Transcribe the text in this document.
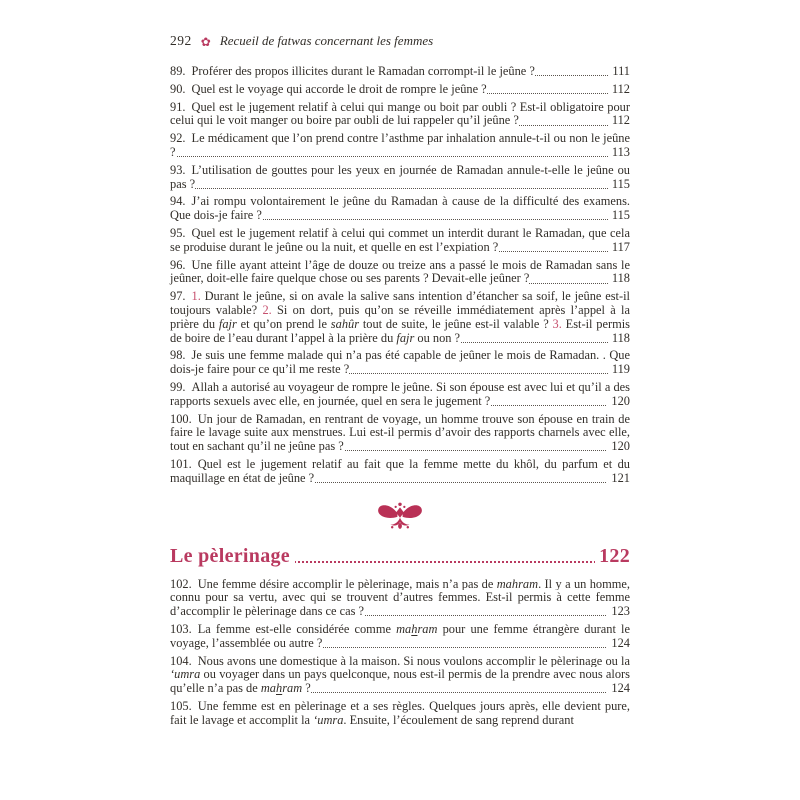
292 ✿ Recueil de fatwas concernant les femmes

89. Proférer des propos illicites durant le Ramadan corrompt-il le jeûne ?	111

90. Quel est le voyage qui accorde le droit de rompre le jeûne ?	112

91. Quel est le jugement relatif à celui qui mange ou boit par oubli ? Est-il obligatoire pour celui qui le voit manger ou boire par oubli de lui rappeler qu’il jeûne ?	112

92. Le médicament que l’on prend contre l’asthme par inhalation annule-t-il ou non le jeûne ?	113

93. L’utilisation de gouttes pour les yeux en journée de Ramadan annule-t-elle le jeûne ou pas ?	115

94. J’ai rompu volontairement le jeûne du Ramadan à cause de la difficulté des examens. Que dois-je faire ?	115

95. Quel est le jugement relatif à celui qui commet un interdit durant le Ramadan, que cela se produise durant le jeûne ou la nuit, et quelle en est l’expiation ?	117

96. Une fille ayant atteint l’âge de douze ou treize ans a passé le mois de Ramadan sans le jeûner, doit-elle faire quelque chose ou ses parents ? Devait-elle jeûner ?	118

97. 1. Durant le jeûne, si on avale la salive sans intention d’étancher sa soif, le jeûne est-il toujours valable? 2. Si on dort, puis qu’on se réveille immédiatement après l’appel à la prière du fajr et qu’on prend le sahûr tout de suite, le jeûne est-il valable ? 3. Est-il permis de boire de l’eau durant l’appel à la prière du fajr ou non ?	118

98. Je suis une femme malade qui n’a pas été capable de jeûner le mois de Ramadan. . Que dois-je faire pour ce qu’il me reste ?	119

99. Allah a autorisé au voyageur de rompre le jeûne. Si son épouse est avec lui et qu’il a des rapports sexuels avec elle, en journée, quel en sera le jugement ?	120

100. Un jour de Ramadan, en rentrant de voyage, un homme trouve son épouse en train de faire le lavage suite aux menstrues. Lui est-il permis d’avoir des rapports charnels avec elle, tout en sachant qu’il ne jeûne pas ?	120

101. Quel est le jugement relatif au fait que la femme mette du khôl, du parfum et du maquillage en état de jeûne ?	121

Le pèlerinage	122

102. Une femme désire accomplir le pèlerinage, mais n’a pas de mahram. Il y a un homme, connu pour sa vertu, avec qui se trouvent d’autres femmes. Est-il permis à cette femme d’accomplir le pèlerinage dans ce cas ?	123

103. La femme est-elle considérée comme mahram pour une femme étrangère durant le voyage, l’assemblée ou autre ?	124

104. Nous avons une domestique à la maison. Si nous voulons accomplir le pèlerinage ou la ‘umra ou voyager dans un pays quelconque, nous est-il permis de la prendre avec nous alors qu’elle n’a pas de mahram ?	124

105. Une femme est en pèlerinage et a ses règles. Quelques jours après, elle devient pure, fait le lavage et accomplit la ‘umra. Ensuite, l’écoulement de sang reprend durant
